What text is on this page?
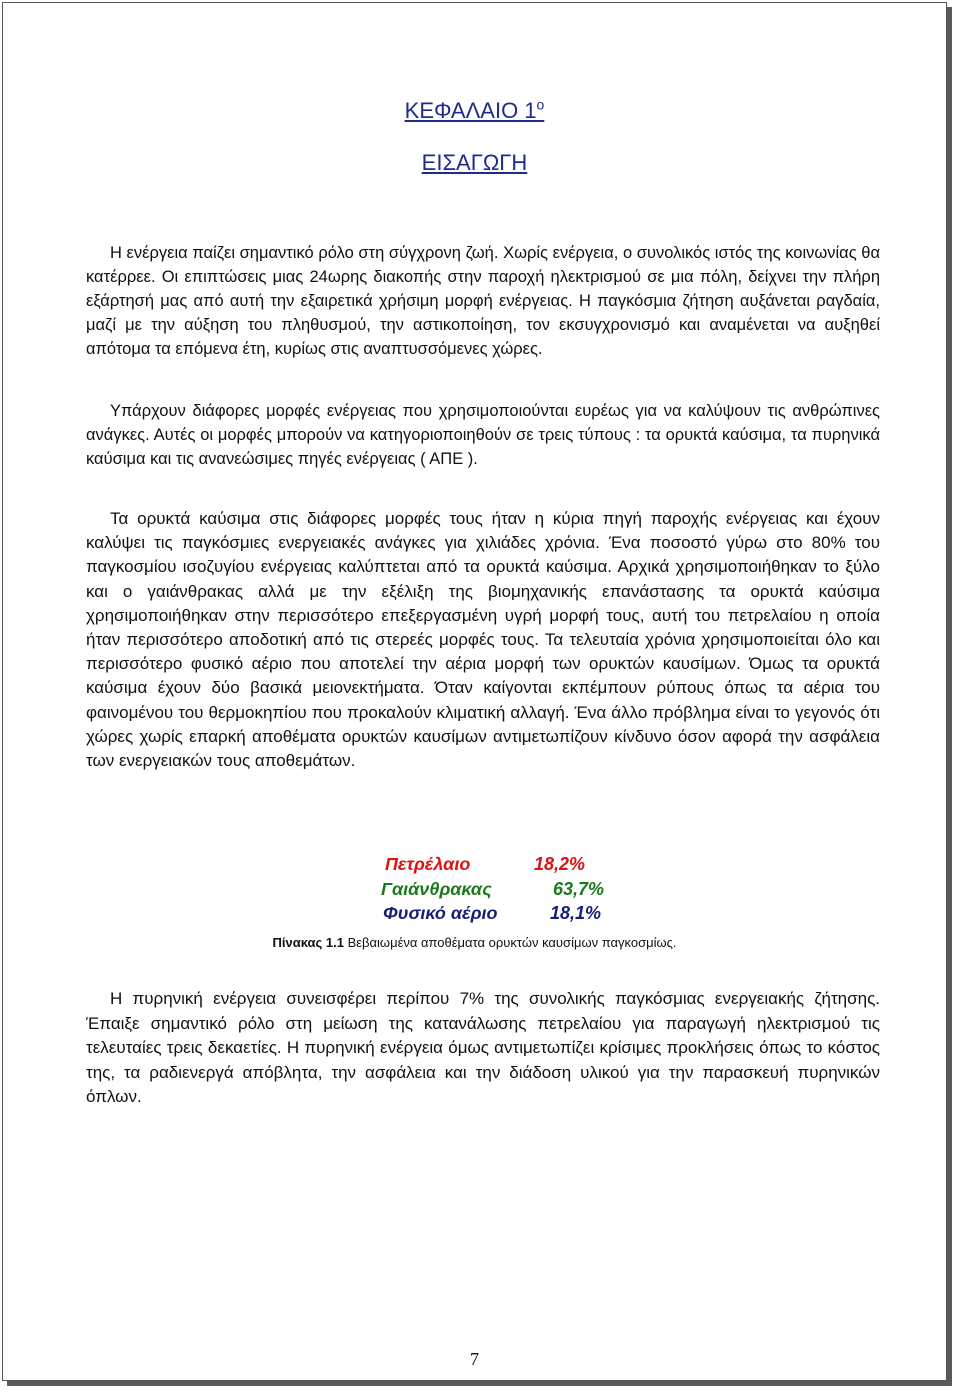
ΚΕΦΑΛΑΙΟ $1^o$
ΕΙΣΑΓΩΓΗ

Η ενέργεια παίζει σημαντικό ρόλο στη σύγχρονη ζωή. Χωρίς ενέργεια, ο συνολικός ιστός της κοινωνίας θα κατέρρεε. Οι επιπτώσεις μιας 24ωρης διακοπής στην παροχή ηλεκτρισμού σε μια πόλη, δείχνει την πλήρη εξάρτησή μας από αυτή την εξαιρετικά χρήσιμη μορφή ενέργειας. Η παγκόσμια ζήτηση αυξάνεται ραγδαία, μαζί με την αύξηση του πληθυσμού, την αστικοποίηση, τον εκσυγχρονισμό και αναμένεται να αυξηθεί απότομα τα επόμενα έτη, κυρίως στις αναπτυσσόμενες χώρες.

Υπάρχουν διάφορες μορφές ενέργειας που χρησιμοποιούνται ευρέως για να καλύψουν τις ανθρώπινες ανάγκες. Αυτές οι μορφές μπορούν να κατηγοριοποιηθούν σε τρεις τύπους : τα ορυκτά καύσιμα, τα πυρηνικά καύσιμα και τις ανανεώσιμες πηγές ενέργειας ( ΑΠΕ ).

Τα ορυκτά καύσιμα στις διάφορες μορφές τους ήταν η κύρια πηγή παροχής ενέργειας και έχουν καλύψει τις παγκόσμιες ενεργειακές ανάγκες για χιλιάδες χρόνια. Ένα ποσοστό γύρω στο 80% του παγκοσμίου ισοζυγίου ενέργειας καλύπτεται από τα ορυκτά καύσιμα. Αρχικά χρησιμοποιήθηκαν το ξύλο και ο γαιάνθρακας αλλά με την εξέλιξη της βιομηχανικής επανάστασης τα ορυκτά καύσιμα χρησιμοποιήθηκαν στην περισσότερο επεξεργασμένη υγρή μορφή τους, αυτή του πετρελαίου η οποία ήταν περισσότερο αποδοτική από τις στερεές μορφές τους. Τα τελευταία χρόνια χρησιμοποιείται όλο και περισσότερο φυσικό αέριο που αποτελεί την αέρια μορφή των ορυκτών καυσίμων. Όμως τα ορυκτά καύσιμα έχουν δύο βασικά μειονεκτήματα. Όταν καίγονται εκπέμπουν ρύπους όπως τα αέρια του φαινομένου του θερμοκηπίου που προκαλούν κλιματική αλλαγή. Ένα άλλο πρόβλημα είναι το γεγονός ότι χώρες χωρίς επαρκή αποθέματα ορυκτών καυσίμων αντιμετωπίζουν κίνδυνο όσον αφορά την ασφάλεια των ενεργειακών τους αποθεμάτων.

Πετρέλαιο	18,2%
Γαιάνθρακας	63,7%
Φυσικό αέριο	18,1%
Πίνακας 1.1 Βεβαιωμένα αποθέματα ορυκτών καυσίμων παγκοσμίως.

Η πυρηνική ενέργεια συνεισφέρει περίπου 7% της συνολικής παγκόσμιας ενεργειακής ζήτησης. Έπαιξε σημαντικό ρόλο στη μείωση της κατανάλωσης πετρελαίου για παραγωγή ηλεκτρισμού τις τελευταίες τρεις δεκαετίες. Η πυρηνική ενέργεια όμως αντιμετωπίζει κρίσιμες προκλήσεις όπως το κόστος της, τα ραδιενεργά απόβλητα, την ασφάλεια και την διάδοση υλικού για την παρασκευή πυρηνικών όπλων.

7
